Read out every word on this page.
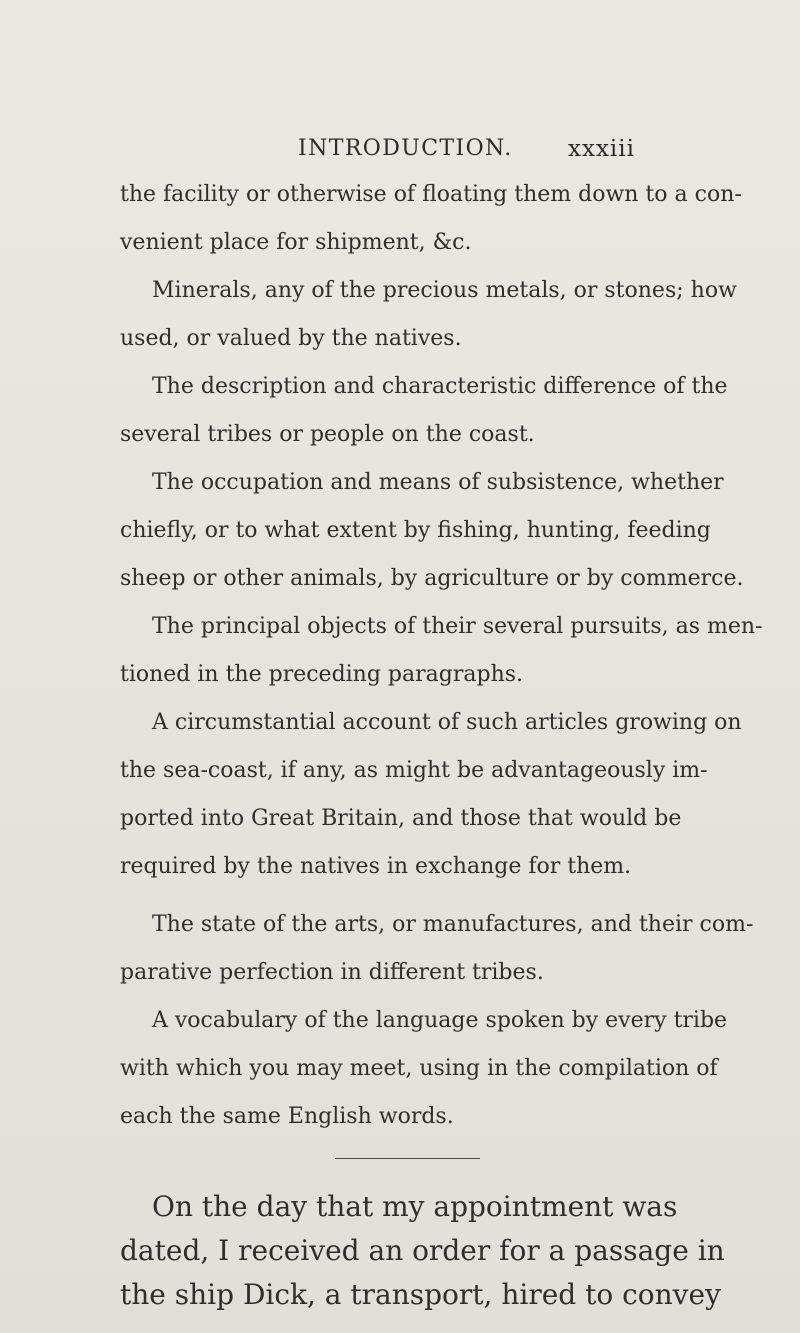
INTRODUCTION. xxxiii
the facility or otherwise of floating them down to a con-
venient place for shipment, &c.
Minerals, any of the precious metals, or stones; how
used, or valued by the natives.
The description and characteristic difference of the
several tribes or people on the coast.
The occupation and means of subsistence, whether
chiefly, or to what extent by fishing, hunting, feeding
sheep or other animals, by agriculture or by commerce.
The principal objects of their several pursuits, as men-
tioned in the preceding paragraphs.
A circumstantial account of such articles growing on
the sea-coast, if any, as might be advantageously im-
ported into Great Britain, and those that would be
required by the natives in exchange for them.
The state of the arts, or manufactures, and their com-
parative perfection in different tribes.
A vocabulary of the language spoken by every tribe
with which you may meet, using in the compilation of
each the same English words.
On the day that my appointment was
dated, I received an order for a passage in
the ship Dick, a transport, hired to convey
